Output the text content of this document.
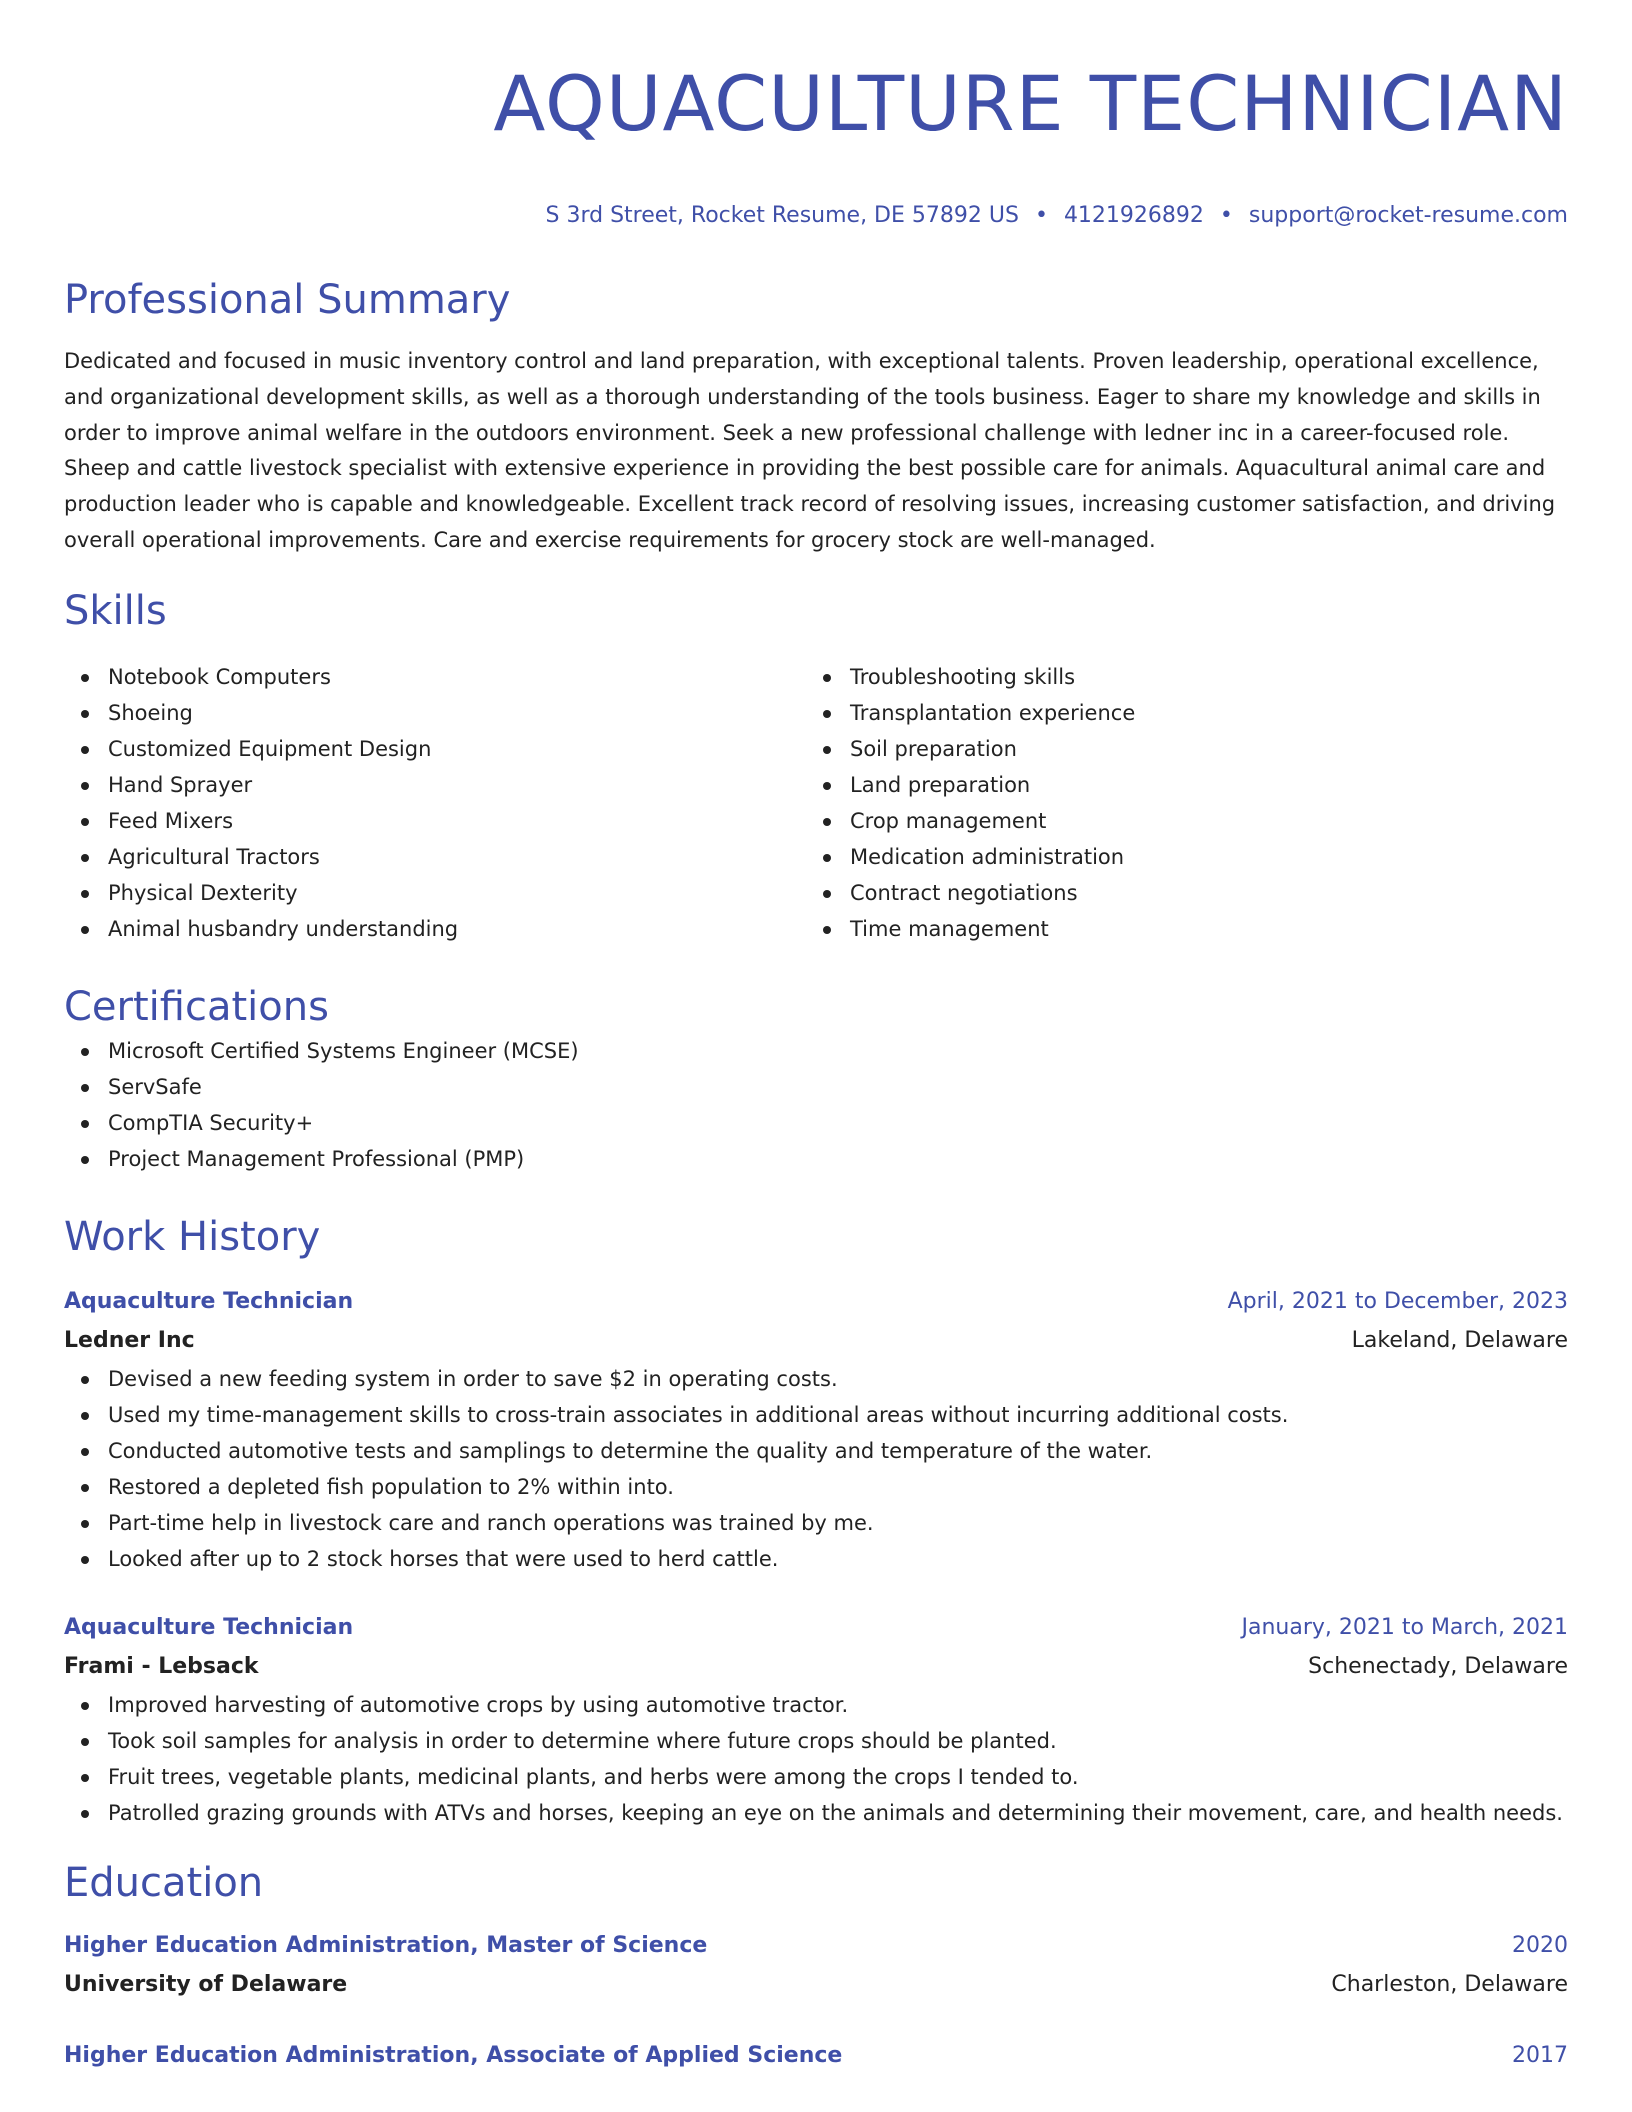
AQUACULTURE TECHNICIAN
S 3rd Street, Rocket Resume, DE 57892 US • 4121926892 • support@rocket-resume.com
Professional Summary

Dedicated and focused in music inventory control and land preparation, with exceptional talents. Proven leadership, operational excellence, and organizational development skills, as well as a thorough understanding of the tools business. Eager to share my knowledge and skills in order to improve animal welfare in the outdoors environment. Seek a new professional challenge with ledner inc in a career-focused role. Sheep and cattle livestock specialist with extensive experience in providing the best possible care for animals. Aquacultural animal care and production leader who is capable and knowledgeable. Excellent track record of resolving issues, increasing customer satisfaction, and driving overall operational improvements. Care and exercise requirements for grocery stock are well-managed.

Skills
Notebook Computers
Shoeing
Customized Equipment Design
Hand Sprayer
Feed Mixers
Agricultural Tractors
Physical Dexterity
Animal husbandry understanding
Troubleshooting skills
Transplantation experience
Soil preparation
Land preparation
Crop management
Medication administration
Contract negotiations
Time management
Certifications
Microsoft Certified Systems Engineer (MCSE)
ServSafe
CompTIA Security+
Project Management Professional (PMP)
Work History
Aquaculture Technician	April, 2021 to December, 2023
Ledner Inc	Lakeland, Delaware
Devised a new feeding system in order to save $2 in operating costs.
Used my time-management skills to cross-train associates in additional areas without incurring additional costs.
Conducted automotive tests and samplings to determine the quality and temperature of the water.
Restored a depleted fish population to 2% within into.
Part-time help in livestock care and ranch operations was trained by me.
Looked after up to 2 stock horses that were used to herd cattle.
Aquaculture Technician	January, 2021 to March, 2021
Frami - Lebsack	Schenectady, Delaware
Improved harvesting of automotive crops by using automotive tractor.
Took soil samples for analysis in order to determine where future crops should be planted.
Fruit trees, vegetable plants, medicinal plants, and herbs were among the crops I tended to.
Patrolled grazing grounds with ATVs and horses, keeping an eye on the animals and determining their movement, care, and health needs.
Education
Higher Education Administration, Master of Science	2020
University of Delaware	Charleston, Delaware
Higher Education Administration, Associate of Applied Science	2017
